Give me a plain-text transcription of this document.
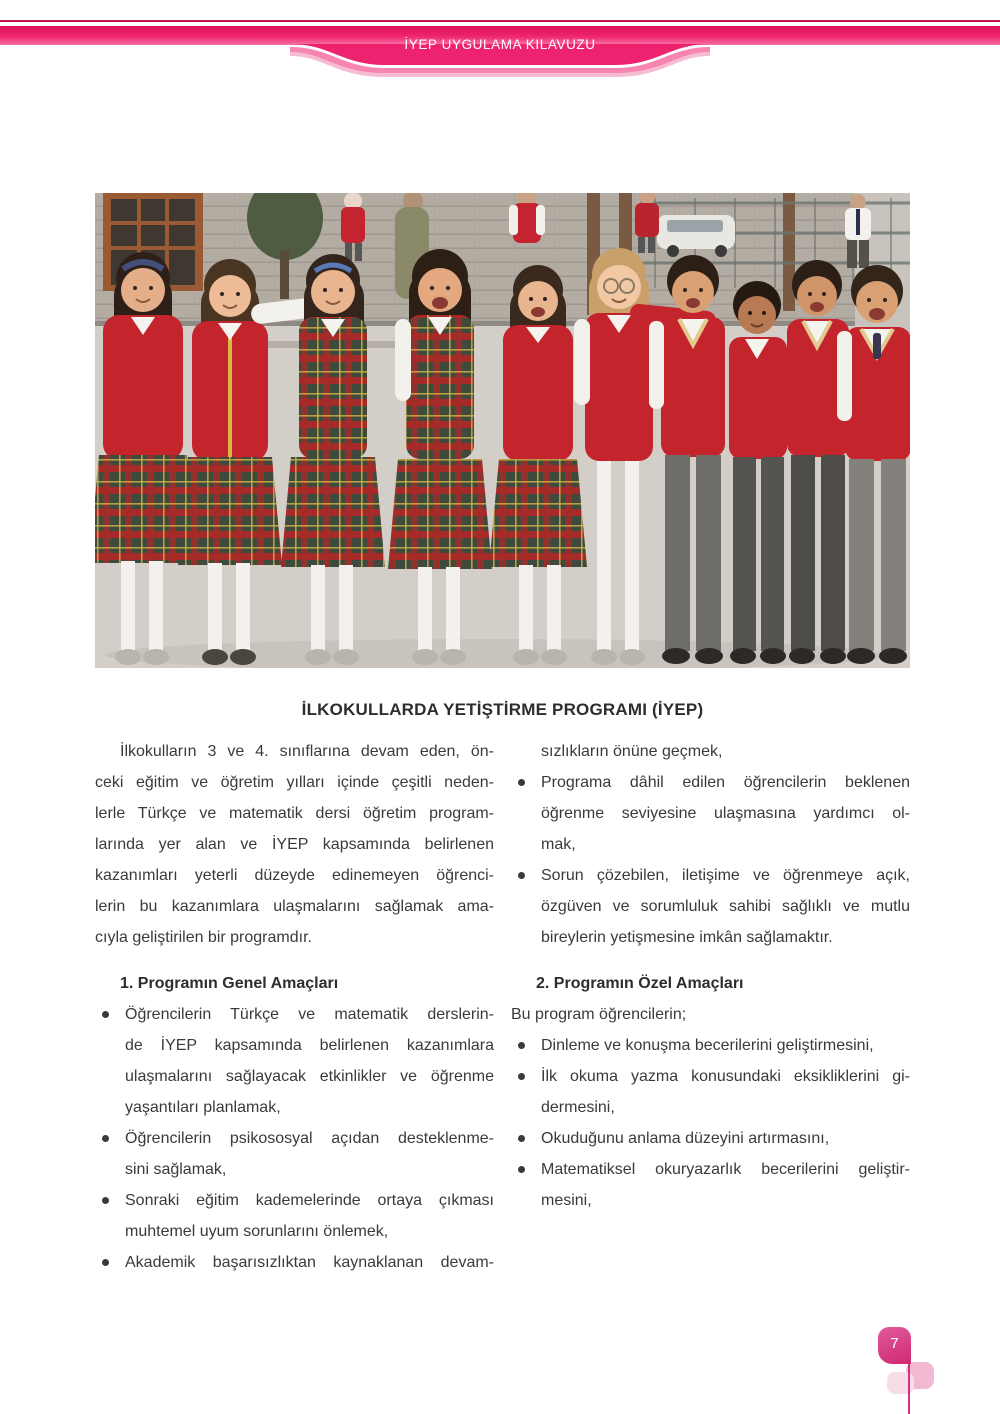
İYEP UYGULAMA KILAVUZU
İLKOKULLARDA YETİŞTİRME PROGRAMI (İYEP)
İlkokulların 3 ve 4. sınıflarına devam eden, ön-
ceki eğitim ve öğretim yılları içinde çeşitli neden-
lerle Türkçe ve matematik dersi öğretim program-
larında yer alan ve İYEP kapsamında belirlenen
kazanımları yeterli düzeyde edinemeyen öğrenci-
lerin bu kazanımlara ulaşmalarını sağlamak ama-
cıyla geliştirilen bir programdır.
1. Programın Genel Amaçları
Öğrencilerin Türkçe ve matematik derslerin-
de İYEP kapsamında belirlenen kazanımlara
ulaşmalarını sağlayacak etkinlikler ve öğrenme
yaşantıları planlamak,
Öğrencilerin psikososyal açıdan desteklenme-
sini sağlamak,
Sonraki eğitim kademelerinde ortaya çıkması
muhtemel uyum sorunlarını önlemek,
Akademik başarısızlıktan kaynaklanan devam-
sızlıkların önüne geçmek,
Programa dâhil edilen öğrencilerin beklenen
öğrenme seviyesine ulaşmasına yardımcı ol-
mak,
Sorun çözebilen, iletişime ve öğrenmeye açık,
özgüven ve sorumluluk sahibi sağlıklı ve mutlu
bireylerin yetişmesine imkân sağlamaktır.
2. Programın Özel Amaçları
Bu program öğrencilerin;
Dinleme ve konuşma becerilerini geliştirmesini,
İlk okuma yazma konusundaki eksikliklerini gi-
dermesini,
Okuduğunu anlama düzeyini artırmasını,
Matematiksel okuryazarlık becerilerini geliştir-
mesini,
7
